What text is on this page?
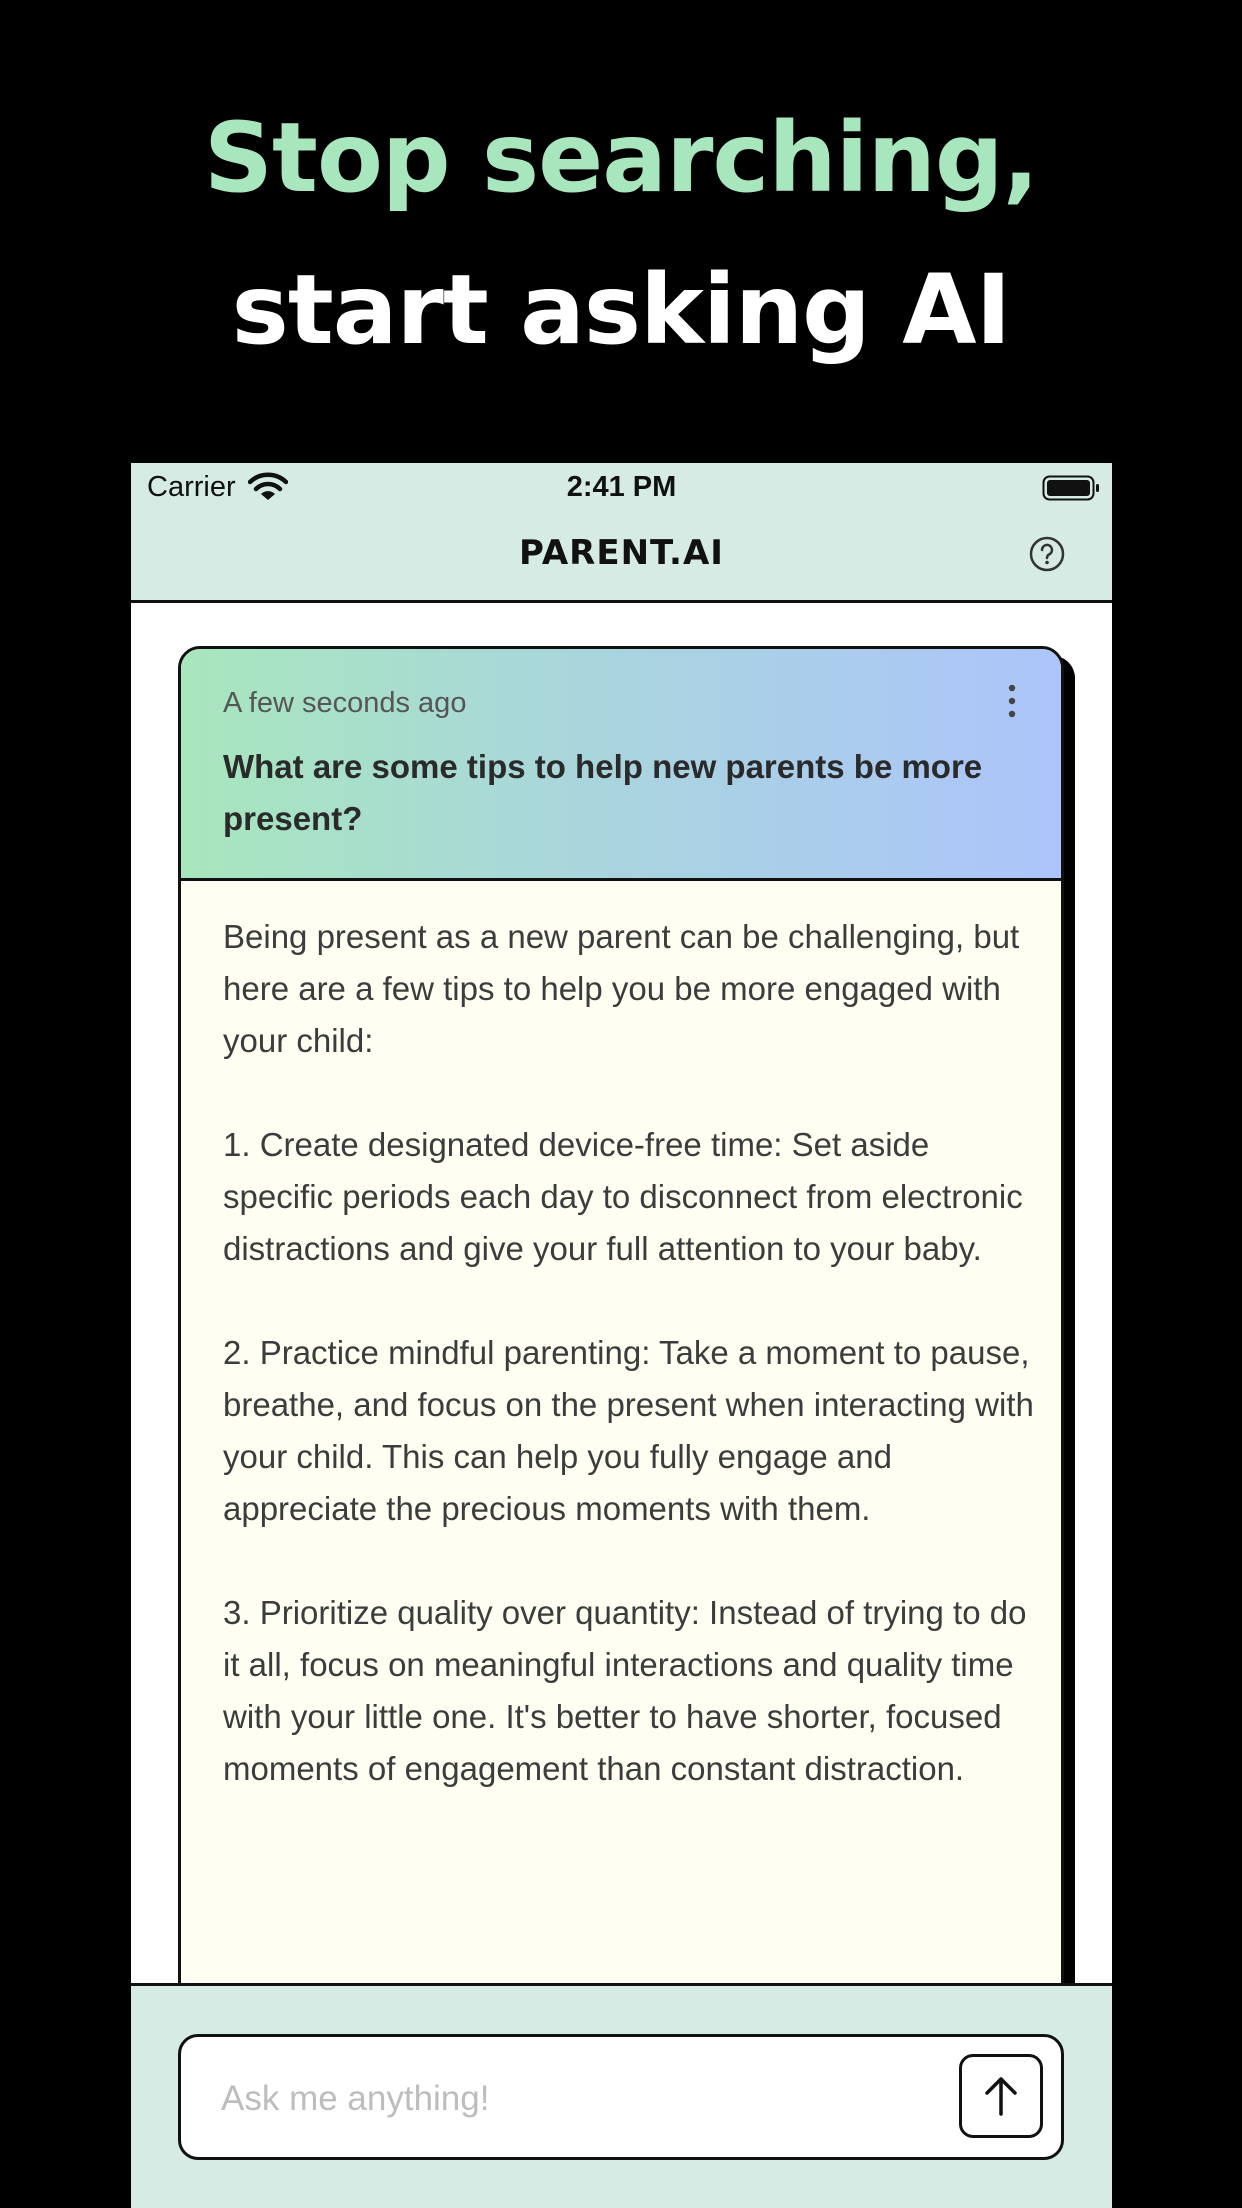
Stop searching,
start asking AI
Carrier	2:41 PM
PARENT.AI
A few seconds ago
What are some tips to help new parents be more present?

Being present as a new parent can be challenging, but here are a few tips to help you be more engaged with your child:

1. Create designated device-free time: Set aside specific periods each day to disconnect from electronic distractions and give your full attention to your baby.

2. Practice mindful parenting: Take a moment to pause, breathe, and focus on the present when interacting with your child. This can help you fully engage and appreciate the precious moments with them.

3. Prioritize quality over quantity: Instead of trying to do it all, focus on meaningful interactions and quality time with your little one. It's better to have shorter, focused moments of engagement than constant distraction.

Ask me anything!
